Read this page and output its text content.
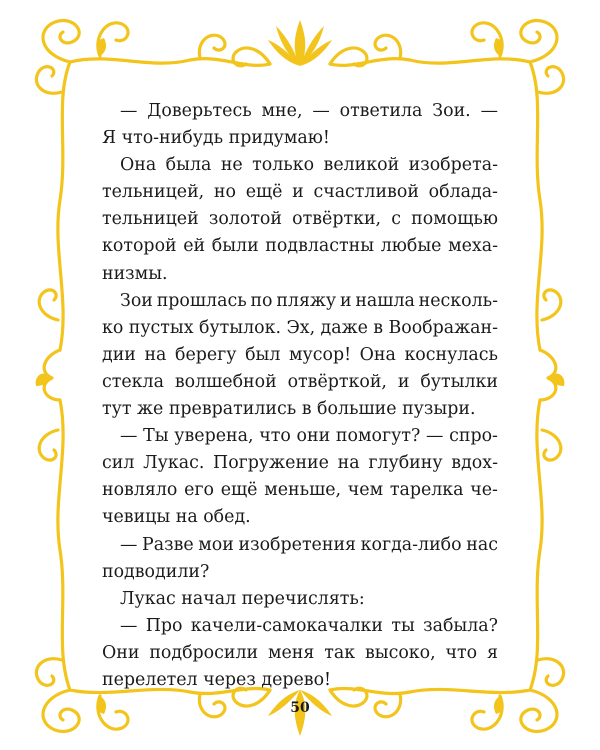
— Доверьтесь мне, — ответила Зои. —
Я что-нибудь придумаю!
Она была не только великой изобрета-
тельницей, но ещё и счастливой облада-
тельницей золотой отвёртки, с помощью
которой ей были подвластны любые меха-
низмы.
Зои прошлась по пляжу и нашла несколь-
ко пустых бутылок. Эх, даже в Воображан-
дии на берегу был мусор! Она коснулась
стекла волшебной отвёрткой, и бутылки
тут же превратились в большие пузыри.
— Ты уверена, что они помогут? — спро-
сил Лукас. Погружение на глубину вдох-
новляло его ещё меньше, чем тарелка че-
чевицы на обед.
— Разве мои изобретения когда-либо нас
подводили?
Лукас начал перечислять:
— Про качели-самокачалки ты забыла?
Они подбросили меня так высоко, что я
перелетел через дерево!
50
